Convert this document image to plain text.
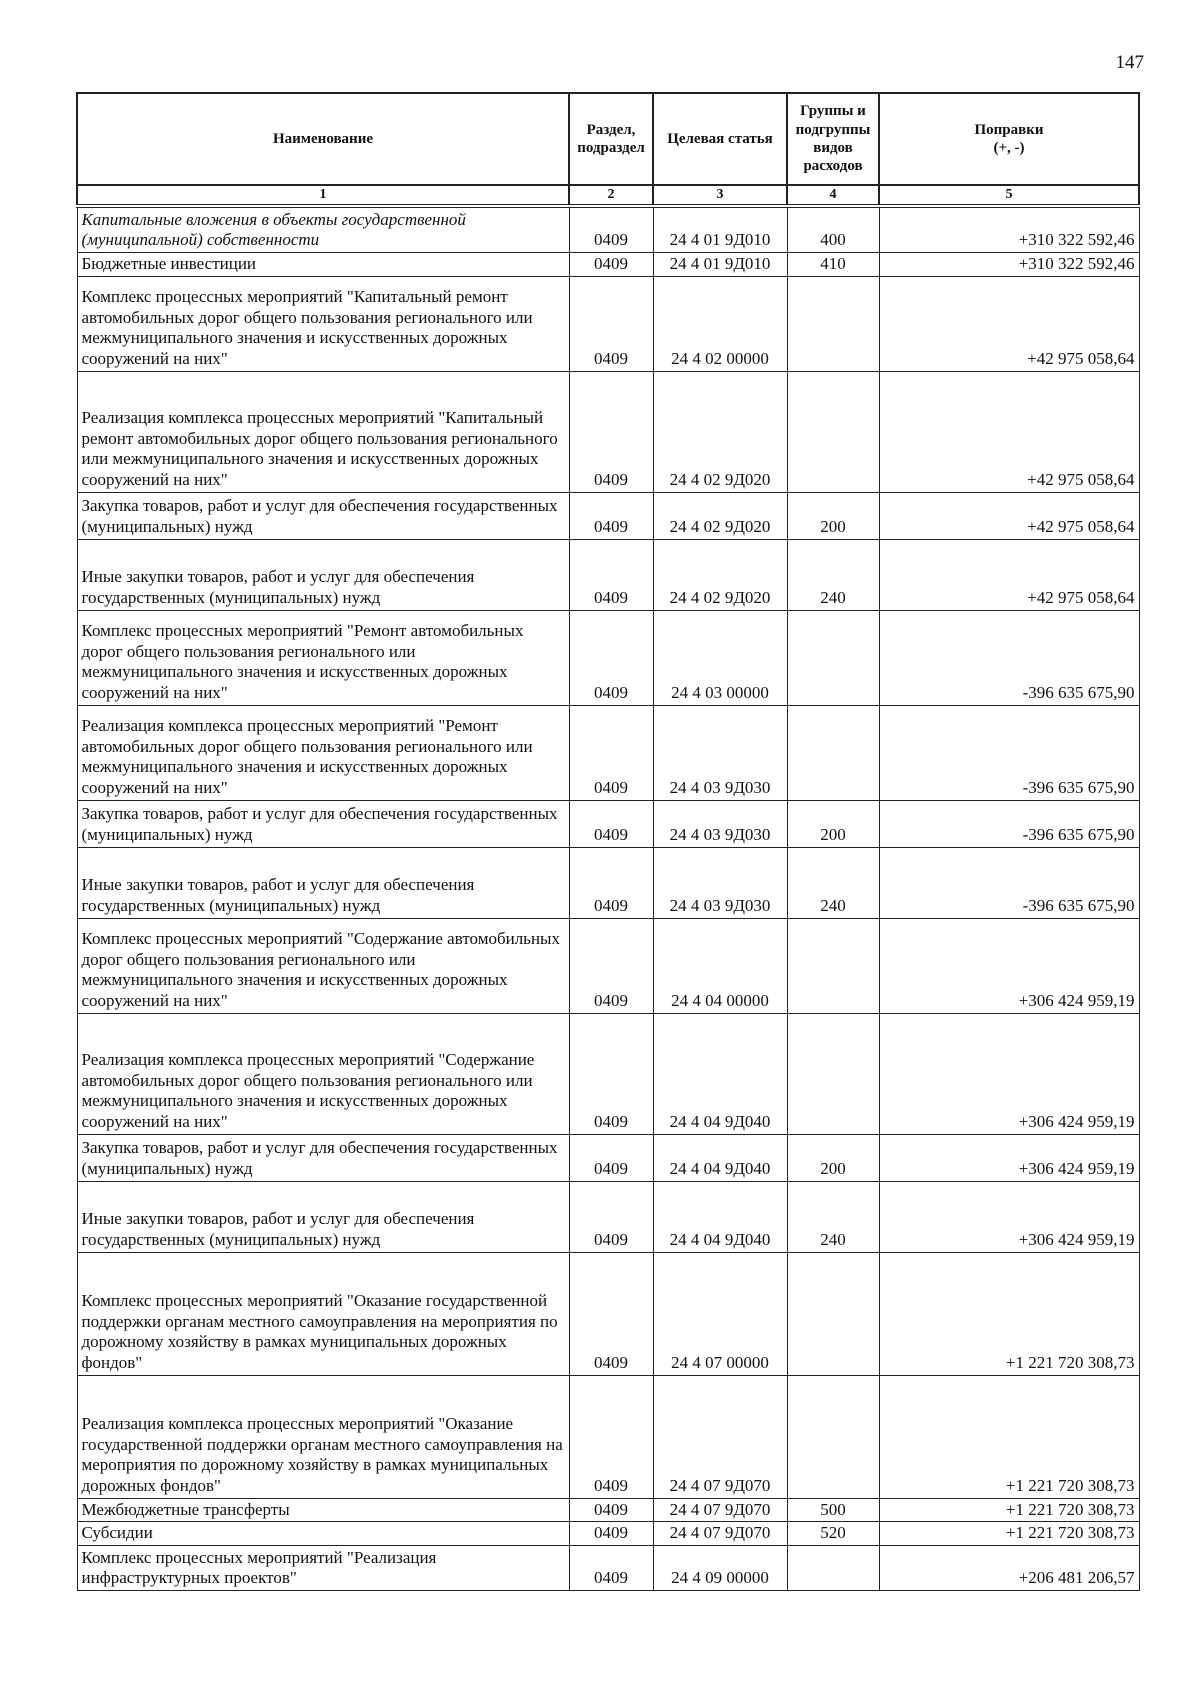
147
Наименование	Раздел, подраздел	Целевая статья	Группы и подгруппы видов расходов	Поправки
(+, -)
1	2	3	4	5
Капитальные вложения в объекты государственной (муниципальной) собственности	0409	24 4 01 9Д010	400	+310 322 592,46
Бюджетные инвестиции	0409	24 4 01 9Д010	410	+310 322 592,46
Комплекс процессных мероприятий "Капитальный ремонт автомобильных дорог общего пользования регионального или межмуниципального значения и искусственных дорожных сооружений на них"	0409	24 4 02 00000		+42 975 058,64
Реализация комплекса процессных мероприятий "Капитальный ремонт автомобильных дорог общего пользования регионального или межмуниципального значения и искусственных дорожных сооружений на них"	0409	24 4 02 9Д020		+42 975 058,64
Закупка товаров, работ и услуг для обеспечения государственных (муниципальных) нужд	0409	24 4 02 9Д020	200	+42 975 058,64
Иные закупки товаров, работ и услуг для обеспечения государственных (муниципальных) нужд	0409	24 4 02 9Д020	240	+42 975 058,64
Комплекс процессных мероприятий "Ремонт автомобильных дорог общего пользования регионального или межмуниципального значения и искусственных дорожных сооружений на них"	0409	24 4 03 00000		-396 635 675,90
Реализация комплекса процессных мероприятий "Ремонт автомобильных дорог общего пользования регионального или межмуниципального значения и искусственных дорожных сооружений на них"	0409	24 4 03 9Д030		-396 635 675,90
Закупка товаров, работ и услуг для обеспечения государственных (муниципальных) нужд	0409	24 4 03 9Д030	200	-396 635 675,90
Иные закупки товаров, работ и услуг для обеспечения государственных (муниципальных) нужд	0409	24 4 03 9Д030	240	-396 635 675,90
Комплекс процессных мероприятий "Содержание автомобильных дорог общего пользования регионального или межмуниципального значения и искусственных дорожных сооружений на них"	0409	24 4 04 00000		+306 424 959,19
Реализация комплекса процессных мероприятий "Содержание автомобильных дорог общего пользования регионального или межмуниципального значения и искусственных дорожных сооружений на них"	0409	24 4 04 9Д040		+306 424 959,19
Закупка товаров, работ и услуг для обеспечения государственных (муниципальных) нужд	0409	24 4 04 9Д040	200	+306 424 959,19
Иные закупки товаров, работ и услуг для обеспечения государственных (муниципальных) нужд	0409	24 4 04 9Д040	240	+306 424 959,19
Комплекс процессных мероприятий "Оказание государственной поддержки органам местного самоуправления на мероприятия по дорожному хозяйству в рамках муниципальных дорожных фондов"	0409	24 4 07 00000		+1 221 720 308,73
Реализация комплекса процессных мероприятий "Оказание государственной поддержки органам местного самоуправления на мероприятия по дорожному хозяйству в рамках муниципальных дорожных фондов"	0409	24 4 07 9Д070		+1 221 720 308,73
Межбюджетные трансферты	0409	24 4 07 9Д070	500	+1 221 720 308,73
Субсидии	0409	24 4 07 9Д070	520	+1 221 720 308,73
Комплекс процессных мероприятий "Реализация инфраструктурных проектов"	0409	24 4 09 00000		+206 481 206,57
